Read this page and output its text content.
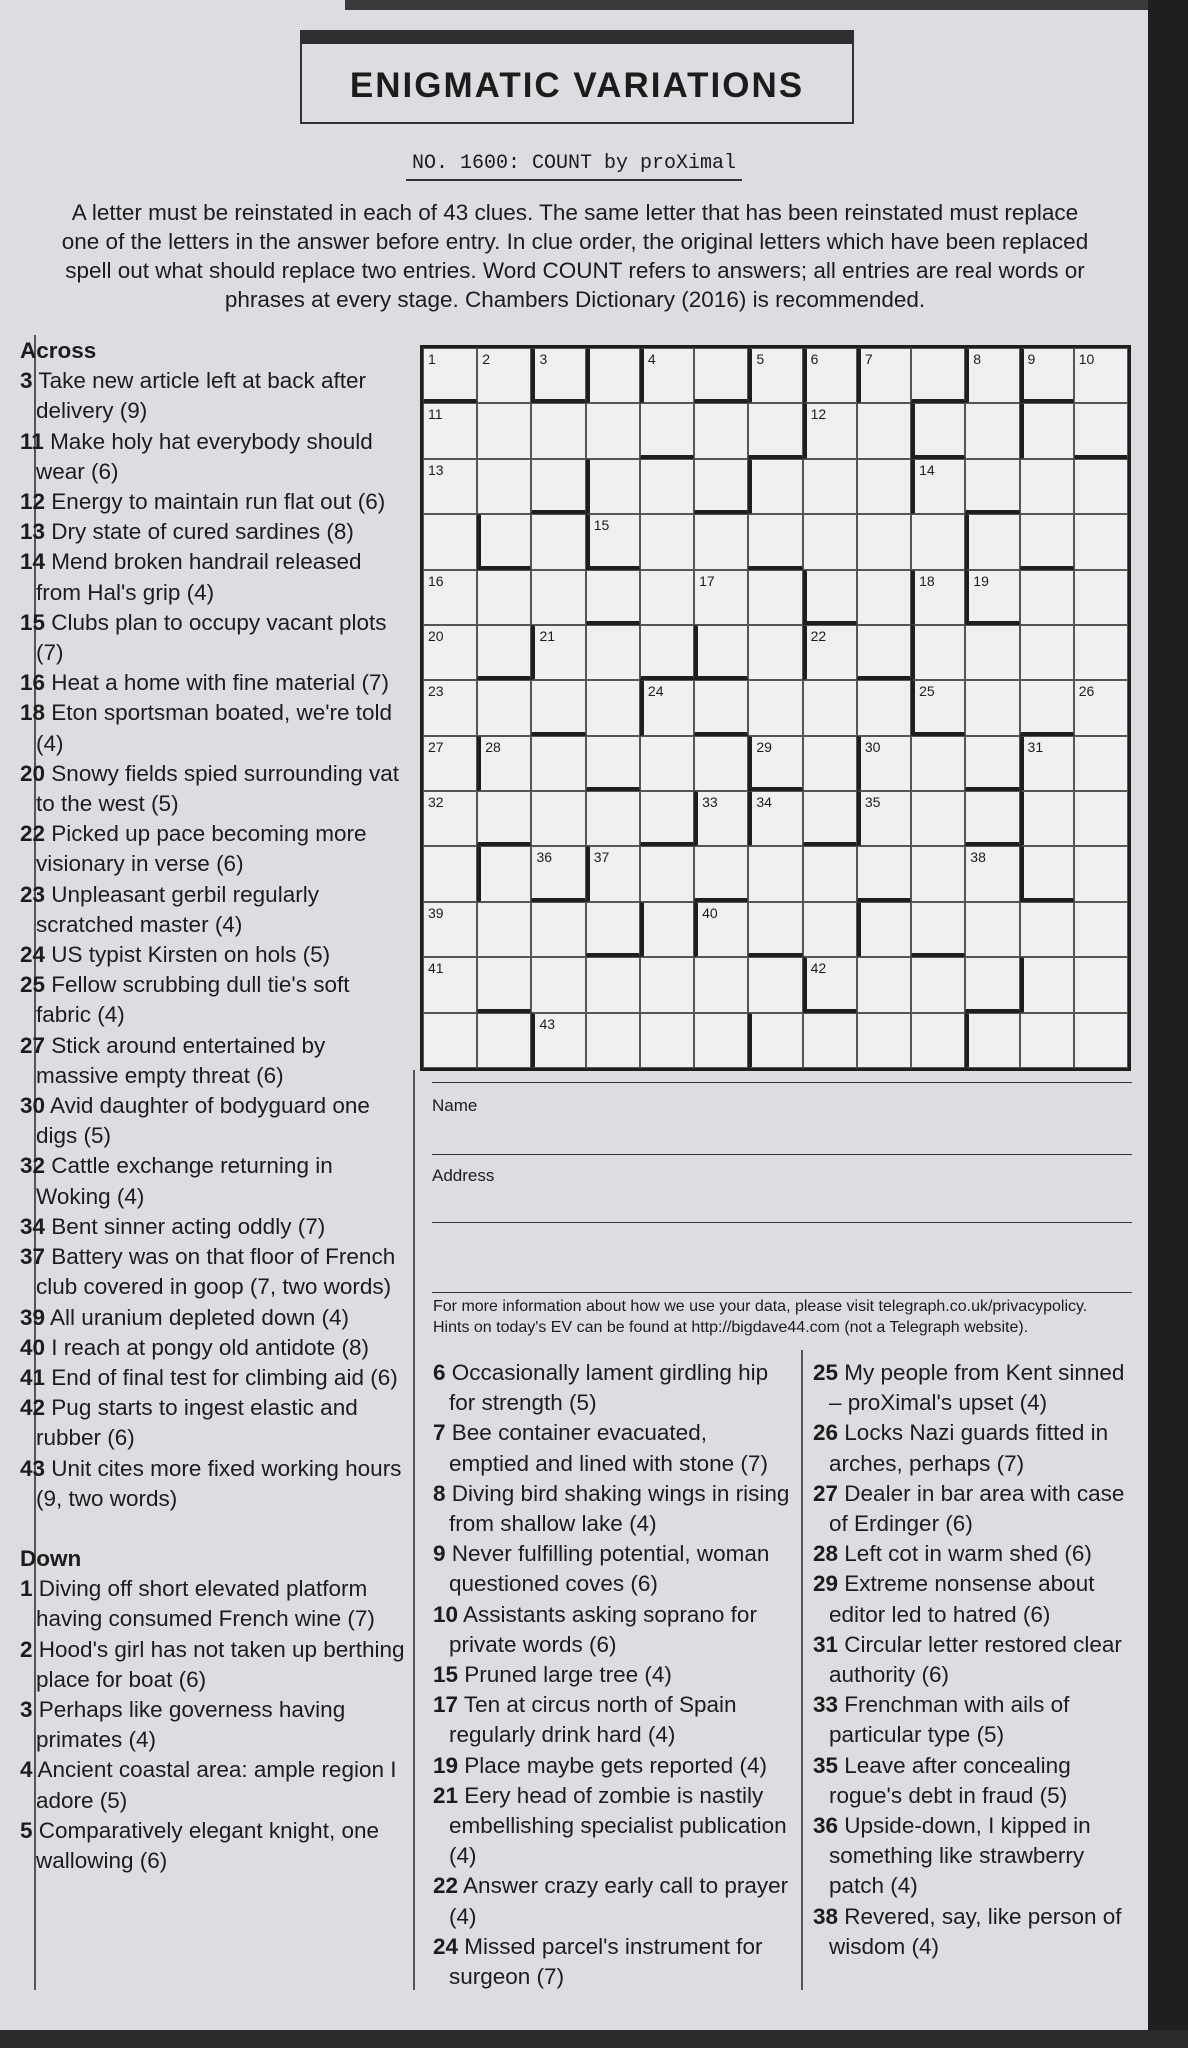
ENIGMATIC VARIATIONS
NO. 1600: COUNT by proXimal
A letter must be reinstated in each of 43 clues. The same letter that has been reinstated must replace
one of the letters in the answer before entry. In clue order, the original letters which have been replaced
spell out what should replace two entries. Word COUNT refers to answers; all entries are real words or
phrases at every stage. Chambers Dictionary (2016) is recommended.

Across

3 Take new article left at back after delivery (9)

11 Make holy hat everybody should wear (6)

12 Energy to maintain run flat out (6)

13 Dry state of cured sardines (8)

14 Mend broken handrail released from Hal's grip (4)

15 Clubs plan to occupy vacant plots (7)

16 Heat a home with fine material (7)

18 Eton sportsman boated, we're told (4)

20 Snowy fields spied surrounding vat to the west (5)

22 Picked up pace becoming more visionary in verse (6)

23 Unpleasant gerbil regularly scratched master (4)

24 US typist Kirsten on hols (5)

25 Fellow scrubbing dull tie's soft fabric (4)

27 Stick around entertained by massive empty threat (6)

30 Avid daughter of bodyguard one digs (5)

32 Cattle exchange returning in Woking (4)

34 Bent sinner acting oddly (7)

37 Battery was on that floor of French club covered in goop (7, two words)

39 All uranium depleted down (4)

40 I reach at pongy old antidote (8)

41 End of final test for climbing aid (6)

42 Pug starts to ingest elastic and rubber (6)

43 Unit cites more fixed working hours (9, two words)

Down

1 Diving off short elevated platform having consumed French wine (7)

2 Hood's girl has not taken up berthing place for boat (6)

3 Perhaps like governess having primates (4)

4 Ancient coastal area: ample region I adore (5)

5 Comparatively elegant knight, one wallowing (6)

1	2	3	4	5	6	7	8	9	10
11	12
13	14
15
16	17	18	19
20	21	22
23	24	25	26
27	28	29	30	31
32	33	34	35
36	37	38
39	40
41	42
43
Name
Address
For more information about how we use your data, please visit telegraph.co.uk/privacypolicy.
Hints on today's EV can be found at http://bigdave44.com (not a Telegraph website).

6 Occasionally lament girdling hip for strength (5)

7 Bee container evacuated, emptied and lined with stone (7)

8 Diving bird shaking wings in rising from shallow lake (4)

9 Never fulfilling potential, woman questioned coves (6)

10 Assistants asking soprano for private words (6)

15 Pruned large tree (4)

17 Ten at circus north of Spain regularly drink hard (4)

19 Place maybe gets reported (4)

21 Eery head of zombie is nastily embellishing specialist publication (4)

22 Answer crazy early call to prayer (4)

24 Missed parcel's instrument for surgeon (7)

25 My people from Kent sinned – proXimal's upset (4)

26 Locks Nazi guards fitted in arches, perhaps (7)

27 Dealer in bar area with case of Erdinger (6)

28 Left cot in warm shed (6)

29 Extreme nonsense about editor led to hatred (6)

31 Circular letter restored clear authority (6)

33 Frenchman with ails of particular type (5)

35 Leave after concealing rogue's debt in fraud (5)

36 Upside-down, I kipped in something like strawberry patch (4)

38 Revered, say, like person of wisdom (4)
